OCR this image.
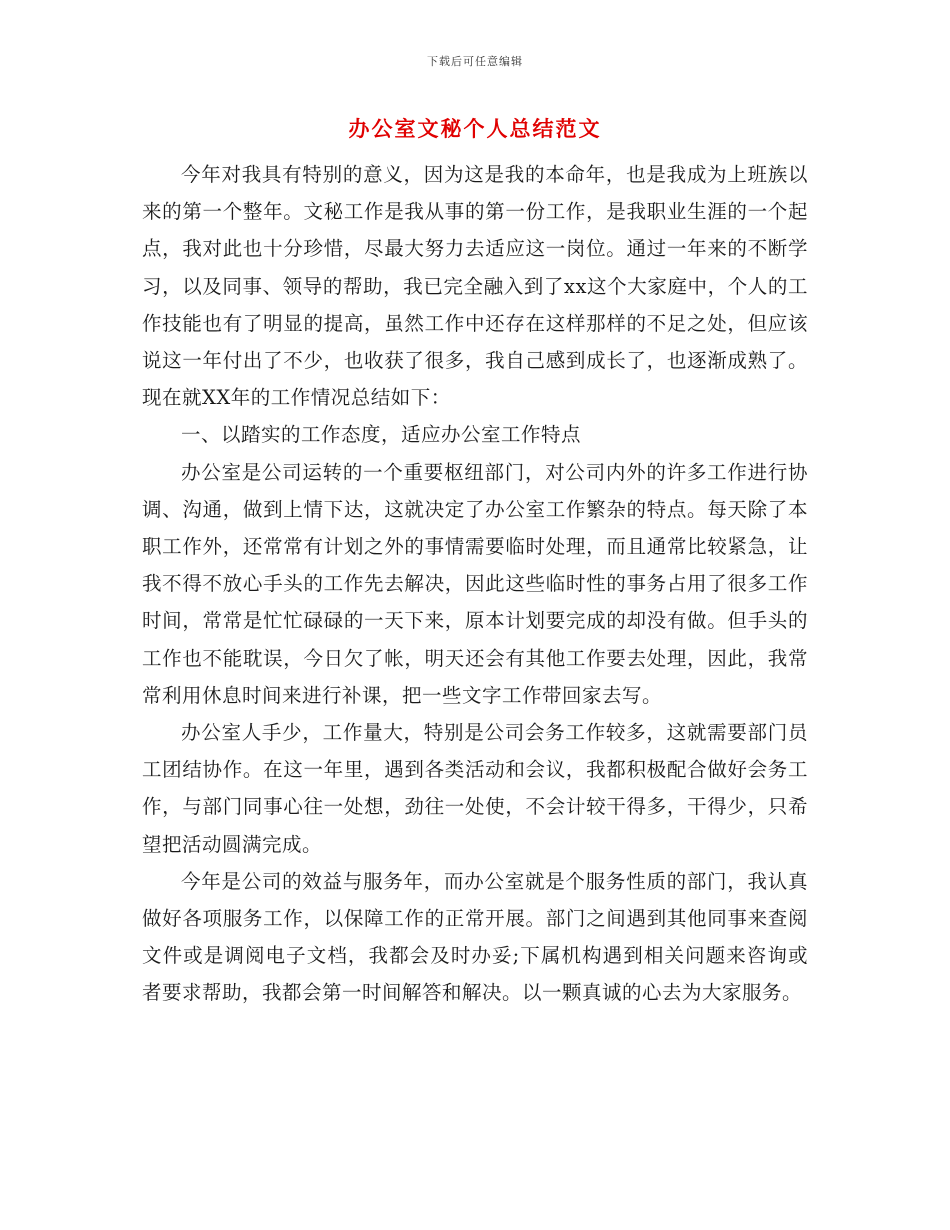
下载后可任意编辑
办公室文秘个人总结范文

今年对我具有特别的意义，因为这是我的本命年，也是我成为上班族以来的第一个整年。文秘工作是我从事的第一份工作，是我职业生涯的一个起点，我对此也十分珍惜，尽最大努力去适应这一岗位。通过一年来的不断学习，以及同事、领导的帮助，我已完全融入到了xx这个大家庭中，个人的工作技能也有了明显的提高，虽然工作中还存在这样那样的不足之处，但应该说这一年付出了不少，也收获了很多，我自己感到成长了，也逐渐成熟了。现在就XX年的工作情况总结如下：

一、以踏实的工作态度，适应办公室工作特点

办公室是公司运转的一个重要枢纽部门，对公司内外的许多工作进行协调、沟通，做到上情下达，这就决定了办公室工作繁杂的特点。每天除了本职工作外，还常常有计划之外的事情需要临时处理，而且通常比较紧急，让我不得不放心手头的工作先去解决，因此这些临时性的事务占用了很多工作时间，常常是忙忙碌碌的一天下来，原本计划要完成的却没有做。但手头的工作也不能耽误，今日欠了帐，明天还会有其他工作要去处理，因此，我常常利用休息时间来进行补课，把一些文字工作带回家去写。

办公室人手少，工作量大，特别是公司会务工作较多，这就需要部门员工团结协作。在这一年里，遇到各类活动和会议，我都积极配合做好会务工作，与部门同事心往一处想，劲往一处使，不会计较干得多，干得少，只希望把活动圆满完成。

今年是公司的效益与服务年，而办公室就是个服务性质的部门，我认真做好各项服务工作，以保障工作的正常开展。部门之间遇到其他同事来查阅文件或是调阅电子文档，我都会及时办妥;下属机构遇到相关问题来咨询或者要求帮助，我都会第一时间解答和解决。以一颗真诚的心去为大家服务。
